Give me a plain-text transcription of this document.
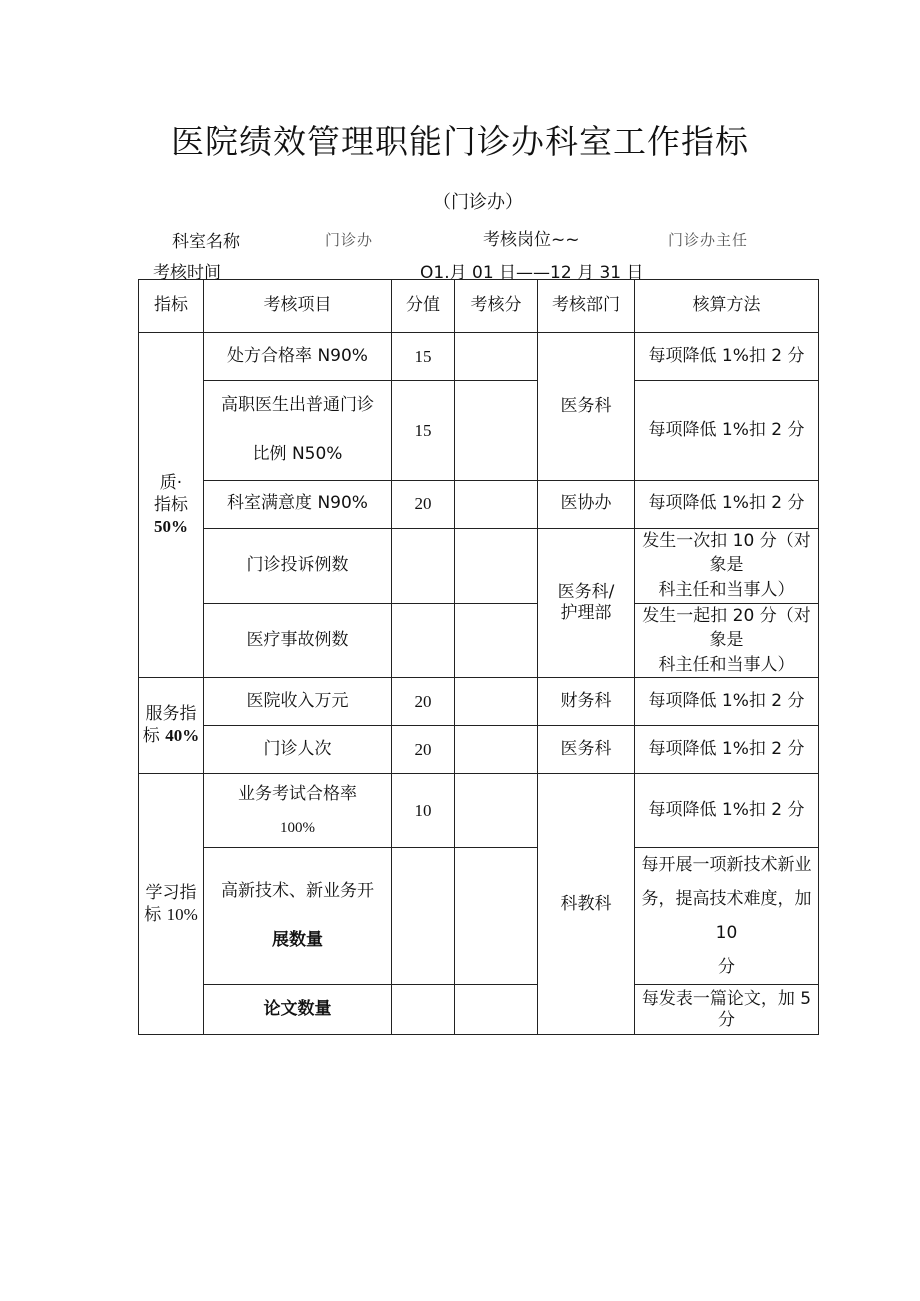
医院绩效管理职能门诊办科室工作指标
（门诊办）
科室名称	门诊办	考核岗位~~	门诊办主任
考核时间	O1.月 01 日——12 月 31 日
指标	考核项目	分值	考核分	考核部门	核算方法

质·
指标
50%	处方合格率 N90%	15		医务科	每项降低 1%扣 2 分

	高职医生出普通门诊
比例 N50%	15			每项降低 1%扣 2 分
	科室满意度 N90%	20		医协办	每项降低 1%扣 2 分
	门诊投诉例数			医务科/
护理部	发生一次扣 10 分（对象是
科主任和当事人）

	医疗事故例数				发生一起扣 20 分（对象是
科主任和当事人）

服务指
标 40%	医院收入万元	20		财务科	每项降低 1%扣 2 分
	门诊人次	20		医务科	每项降低 1%扣 2 分

学习指
标 10%	业务考试合格率
100%	10		科教科	每项降低 1%扣 2 分

	高新技术、新业务开
展数量				每开展一项新技术新业
务，提高技术难度，加 10
分

	论文数量				每发表一篇论文，加 5 分
